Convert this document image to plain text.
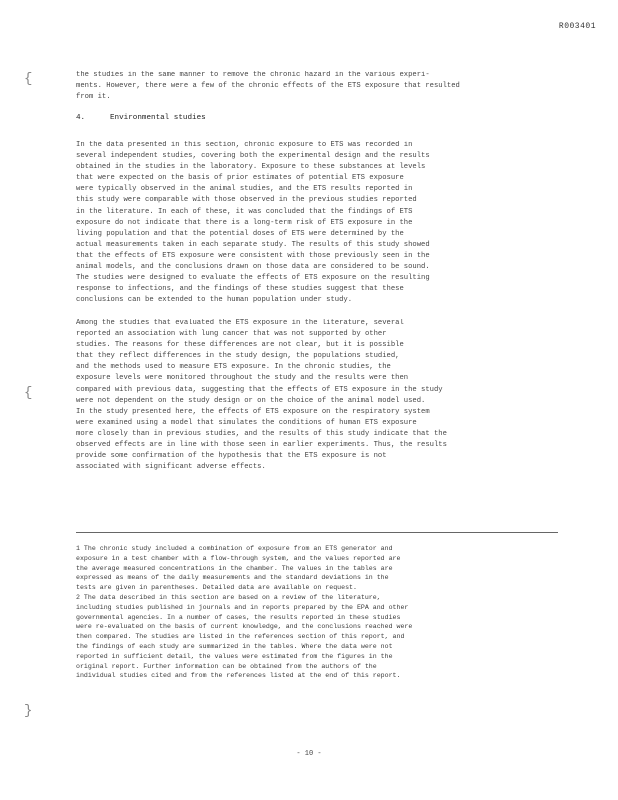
R003401
{
{
}
the studies in the same manner to remove the chronic hazard in the various experi-
ments. However, there were a few of the chronic effects of the ETS exposure that resulted
from it.
4.	Environmental studies
In the data presented in this section, chronic exposure to ETS was recorded in
several independent studies, covering both the experimental design and the results
obtained in the studies in the laboratory. Exposure to these substances at levels
that were expected on the basis of prior estimates of potential ETS exposure
were typically observed in the animal studies, and the ETS results reported in
this study were comparable with those observed in the previous studies reported
in the literature. In each of these, it was concluded that the findings of ETS
exposure do not indicate that there is a long-term risk of ETS exposure in the
living population and that the potential doses of ETS were determined by the
actual measurements taken in each separate study. The results of this study showed
that the effects of ETS exposure were consistent with those previously seen in the
animal models, and the conclusions drawn on those data are considered to be sound.
The studies were designed to evaluate the effects of ETS exposure on the resulting
response to infections, and the findings of these studies suggest that these
conclusions can be extended to the human population under study.
Among the studies that evaluated the ETS exposure in the literature, several
reported an association with lung cancer that was not supported by other
studies. The reasons for these differences are not clear, but it is possible
that they reflect differences in the study design, the populations studied,
and the methods used to measure ETS exposure. In the chronic studies, the
exposure levels were monitored throughout the study and the results were then
compared with previous data, suggesting that the effects of ETS exposure in the study
were not dependent on the study design or on the choice of the animal model used.
In the study presented here, the effects of ETS exposure on the respiratory system
were examined using a model that simulates the conditions of human ETS exposure
more closely than in previous studies, and the results of this study indicate that the
observed effects are in line with those seen in earlier experiments. Thus, the results
provide some confirmation of the hypothesis that the ETS exposure is not
associated with significant adverse effects.
1 The chronic study included a combination of exposure from an ETS generator and
exposure in a test chamber with a flow-through system, and the values reported are
the average measured concentrations in the chamber. The values in the tables are
expressed as means of the daily measurements and the standard deviations in the
tests are given in parentheses. Detailed data are available on request.
2 The data described in this section are based on a review of the literature,
including studies published in journals and in reports prepared by the EPA and other
governmental agencies. In a number of cases, the results reported in these studies
were re-evaluated on the basis of current knowledge, and the conclusions reached were
then compared. The studies are listed in the references section of this report, and
the findings of each study are summarized in the tables. Where the data were not
reported in sufficient detail, the values were estimated from the figures in the
original report. Further information can be obtained from the authors of the
individual studies cited and from the references listed at the end of this report.
- 10 -
